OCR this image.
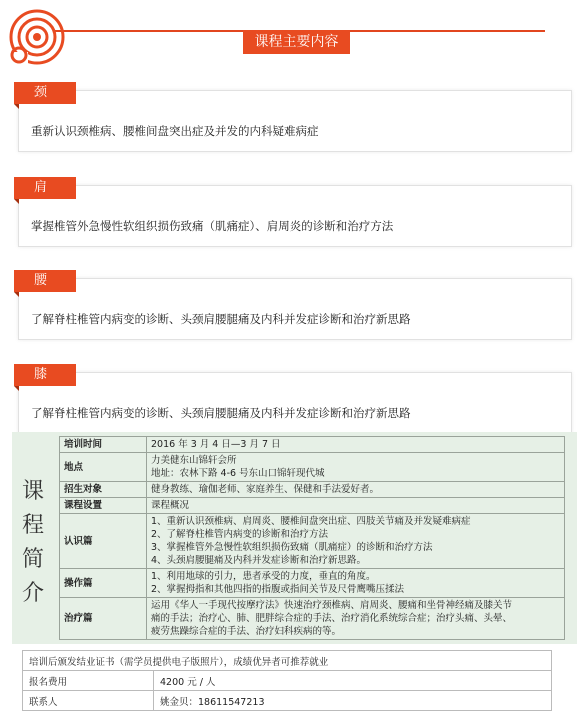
课程主要内容
颈
重新认识颈椎病、腰椎间盘突出症及并发的内科疑难病症
肩
掌握椎管外急慢性软组织损伤致痛（肌痛症）、肩周炎的诊断和治疗方法
腰
了解脊柱椎管内病变的诊断、头颈肩腰腿痛及内科并发症诊断和治疗新思路
膝
了解脊柱椎管内病变的诊断、头颈肩腰腿痛及内科并发症诊断和治疗新思路
课
程
简
介
培训时间	2016 年 3 月 4 日—3 月 7 日

地点	力美健东山锦轩会所
地址：农林下路 4-6 号东山口锦轩现代城

招生对象	健身教练、瑜伽老师、家庭养生、保健和手法爱好者。

课程设置	课程概况

认识篇	1、重新认识颈椎病、肩周炎、腰椎间盘突出症、四肢关节痛及并发疑难病症
2、了解脊柱椎管内病变的诊断和治疗方法
3、掌握椎管外急慢性软组织损伤致痛（肌痛症）的诊断和治疗方法
4、头颈肩腰腿痛及内科并发症诊断和治疗新思路。

操作篇	1、利用地球的引力，患者承受的力度，垂直的角度。
2、掌握拇指和其他四指的指腹或指间关节及尺骨鹰嘴压揉法

治疗篇	运用《华人一手现代按摩疗法》快速治疗颈椎病、肩周炎、腰痛和坐骨神经痛及膝关节
痛的手法；治疗心、肺、肥胖综合症的手法、治疗消化系统综合症；治疗头痛、头晕、
疲劳焦躁综合症的手法、治疗妇科疾病的等。
培训后颁发结业证书（需学员提供电子版照片），成绩优异者可推荐就业	
报名费用	4200 元 / 人
联系人	姚金贝：18611547213
